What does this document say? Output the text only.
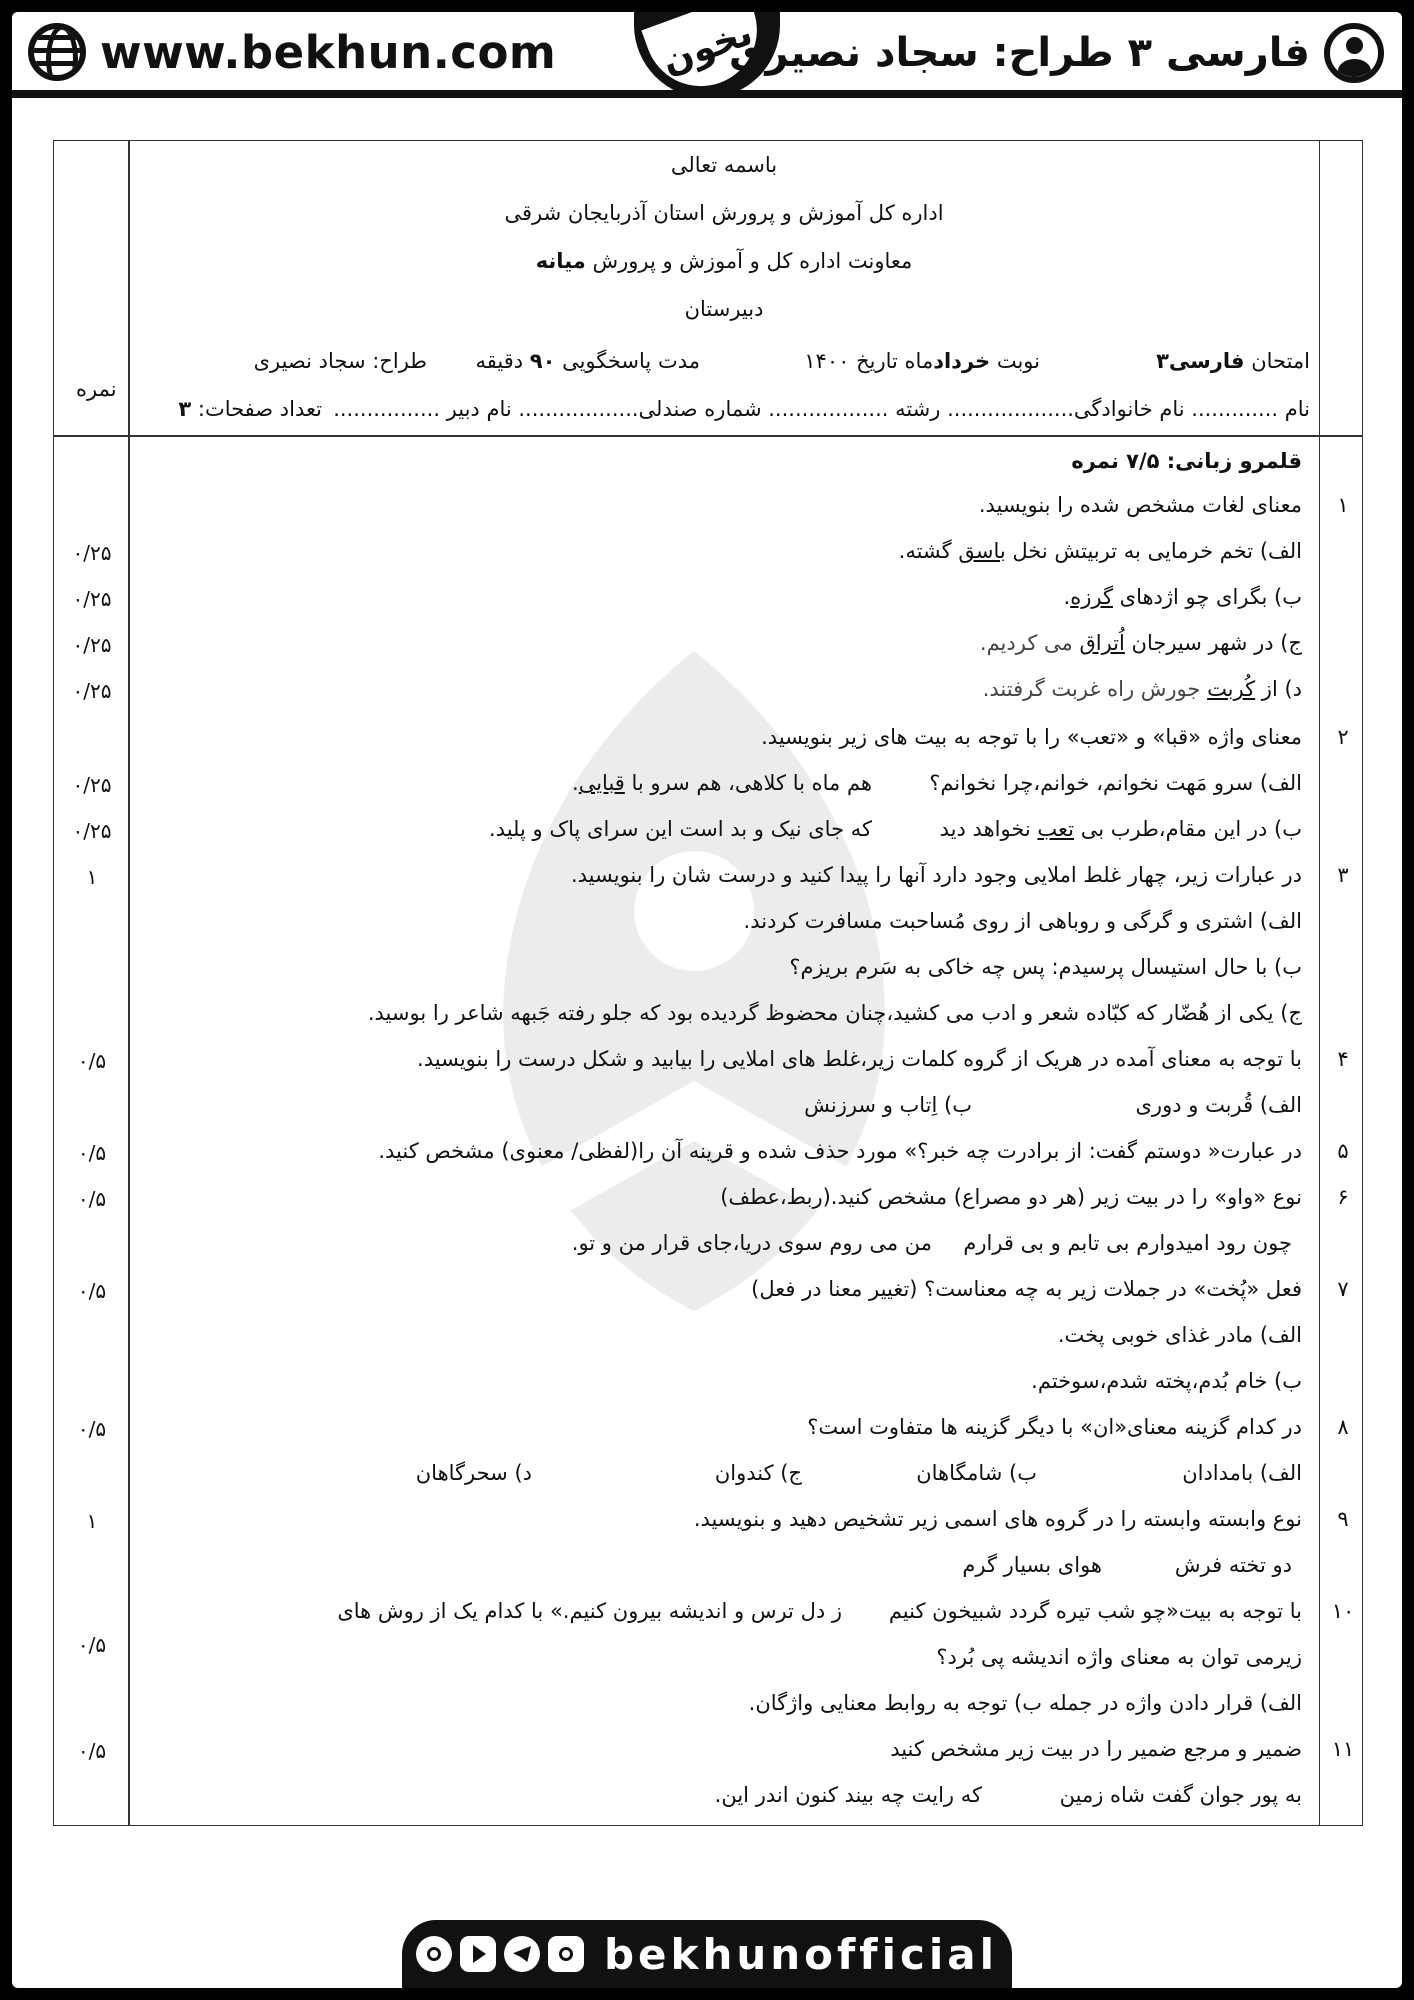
www.bekhun.com	بخون
فارسی ۳ طراح: سجاد نصیری
باسمه تعالی
اداره کل آموزش و پرورش استان آذربایجان شرقی
معاونت اداره کل و آموزش و پرورش میانه
دبیرستان
امتحان فارسی۳
نوبت خردادماه تاریخ ۱۴۰۰
مدت پاسخگویی ۹۰ دقیقه
طراح: سجاد نصیری
نام ............. نام خانوادگی................... رشته .................. شماره صندلی.................. نام دبیر ................
تعداد صفحات: ۳
نمره
قلمرو زبانی: ۷/۵ نمره
۱
معنای لغات مشخص شده را بنویسید.
الف) تخم خرمایی به تربیتش نخل باسق گشته.
۰/۲۵
ب) بگرای چو اژدهای گرزه.
۰/۲۵
ج) در شهر سیرجان اُتراق می کردیم.
۰/۲۵
د) از کُربت جورش راه غربت گرفتند.
۰/۲۵
۲
معنای واژه «قبا» و «تعب» را با توجه به بیت های زیر بنویسید.
الف) سرو مَهت نخوانم، خوانم،چرا نخوانم؟
هم ماه با کلاهی، هم سرو با قبایی.
۰/۲۵
ب) در این مقام،طرب بی تعب نخواهد دید
که جای نیک و بد است این سرای پاک و پلید.
۰/۲۵
۳
در عبارات زیر، چهار غلط املایی وجود دارد آنها را پیدا کنید و درست شان را بنویسید.
۱
الف) اشتری و گرگی و روباهی از روی مُساحبت مسافرت کردند.
ب) با حال استیسال پرسیدم: پس چه خاکی به سَرم بریزم؟
ج) یکی از هُضّار که کبّاده شعر و ادب می کشید،چنان محضوظ گردیده بود که جلو رفته جَبهه شاعر را بوسید.
۴
با توجه به معنای آمده در هریک از گروه کلمات زیر،غلط های املایی را بیابید و شکل درست را بنویسید.
۰/۵
الف) قُربت و دوری
ب) اِتاب و سرزنش
۵
در عبارت« دوستم گفت: از برادرت چه خبر؟» مورد حذف شده و قرینه آن را(لفظی/ معنوی) مشخص کنید.
۰/۵
۶
نوع «واو» را در بیت زیر (هر دو مصراع) مشخص کنید.(ربط،عطف)
۰/۵
چون رود امیدوارم بی تابم و بی قرارم
من می روم سوی دریا،جای قرار من و تو.
۷
فعل «پُخت» در جملات زیر به چه معناست؟ (تغییر معنا در فعل)
۰/۵
الف) مادر غذای خوبی پخت.
ب) خام بُدم،پخته شدم،سوختم.
۸
در کدام گزینه معنای«ان» با دیگر گزینه ها متفاوت است؟
۰/۵
الف) بامدادان
ب) شامگاهان
ج) کندوان
د) سحرگاهان
۹
نوع وابسته وابسته را در گروه های اسمی زیر تشخیص دهید و بنویسید.
۱
دو تخته فرش
هوای بسیار گرم
۱۰
با توجه به بیت«چو شب تیره گردد شبیخون کنیم
ز دل ترس و اندیشه بیرون کنیم.» با کدام یک از روش های
زیرمی توان به معنای واژه اندیشه پی بُرد؟
۰/۵
الف) قرار دادن واژه در جمله
ب) توجه به روابط معنایی واژگان.
۱۱
ضمیر و مرجع ضمیر را در بیت زیر مشخص کنید
۰/۵
به پور جوان گفت شاه زمین
که رایت چه بیند کنون اندر این.
bekhunofficial
